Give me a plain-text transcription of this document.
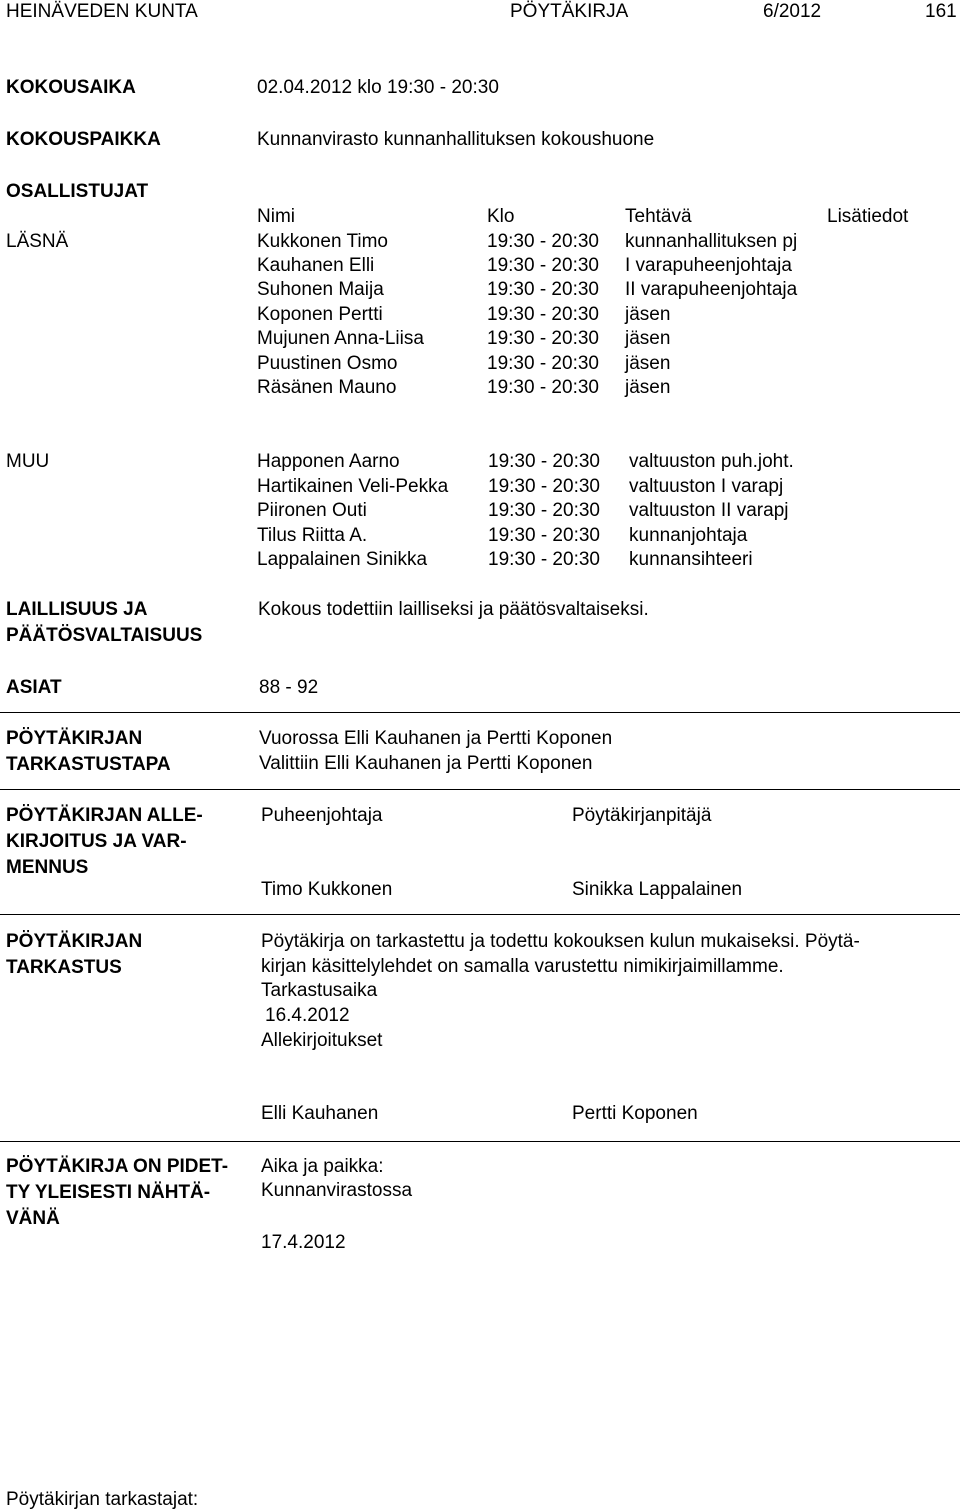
HEINÄVEDEN KUNTA	PÖYTÄKIRJA	6/2012	161
KOKOUSAIKA	02.04.2012 klo 19:30 - 20:30
KOKOUSPAIKKA	Kunnanvirasto kunnanhallituksen kokoushuone
OSALLISTUJAT
Nimi	Klo	Tehtävä	Lisätiedot
LÄSNÄ	Kukkonen Timo	19:30 - 20:30 kunnanhallituksen pj
Kauhanen Elli	19:30 - 20:30 I varapuheenjohtaja
Suhonen Maija	19:30 - 20:30 II varapuheenjohtaja
Koponen Pertti	19:30 - 20:30 jäsen
Mujunen Anna-Liisa	19:30 - 20:30 jäsen
Puustinen Osmo	19:30 - 20:30 jäsen
Räsänen Mauno	19:30 - 20:30 jäsen
MUU	Happonen Aarno	19:30 - 20:30 valtuuston puh.joht.
Hartikainen Veli-Pekka 19:30 - 20:30 valtuuston I varapj
Piironen Outi	19:30 - 20:30 valtuuston II varapj
Tilus Riitta A.	19:30 - 20:30 kunnanjohtaja
Lappalainen Sinikka	19:30 - 20:30 kunnansihteeri
LAILLISUUS JA
PÄÄTÖSVALTAISUUS
Kokous todettiin lailliseksi ja päätösvaltaiseksi.
ASIAT	88 - 92
PÖYTÄKIRJAN
TARKASTUSTAPA
Vuorossa Elli Kauhanen ja Pertti Koponen
Valittiin Elli Kauhanen ja Pertti Koponen
PÖYTÄKIRJAN ALLE-
KIRJOITUS JA VAR-
MENNUS
Puheenjohtaja	Pöytäkirjanpitäjä
Timo Kukkonen	Sinikka Lappalainen
PÖYTÄKIRJAN
TARKASTUS
Pöytäkirja on tarkastettu ja todettu kokouksen kulun mukaiseksi. Pöytä-
kirjan käsittelylehdet on samalla varustettu nimikirjaimillamme.
Tarkastusaika
16.4.2012
Allekirjoitukset
Elli Kauhanen	Pertti Koponen
PÖYTÄKIRJA ON PIDET-
TY YLEISESTI NÄHTÄ-
VÄNÄ
Aika ja paikka:
Kunnanvirastossa
17.4.2012
Pöytäkirjan tarkastajat:
